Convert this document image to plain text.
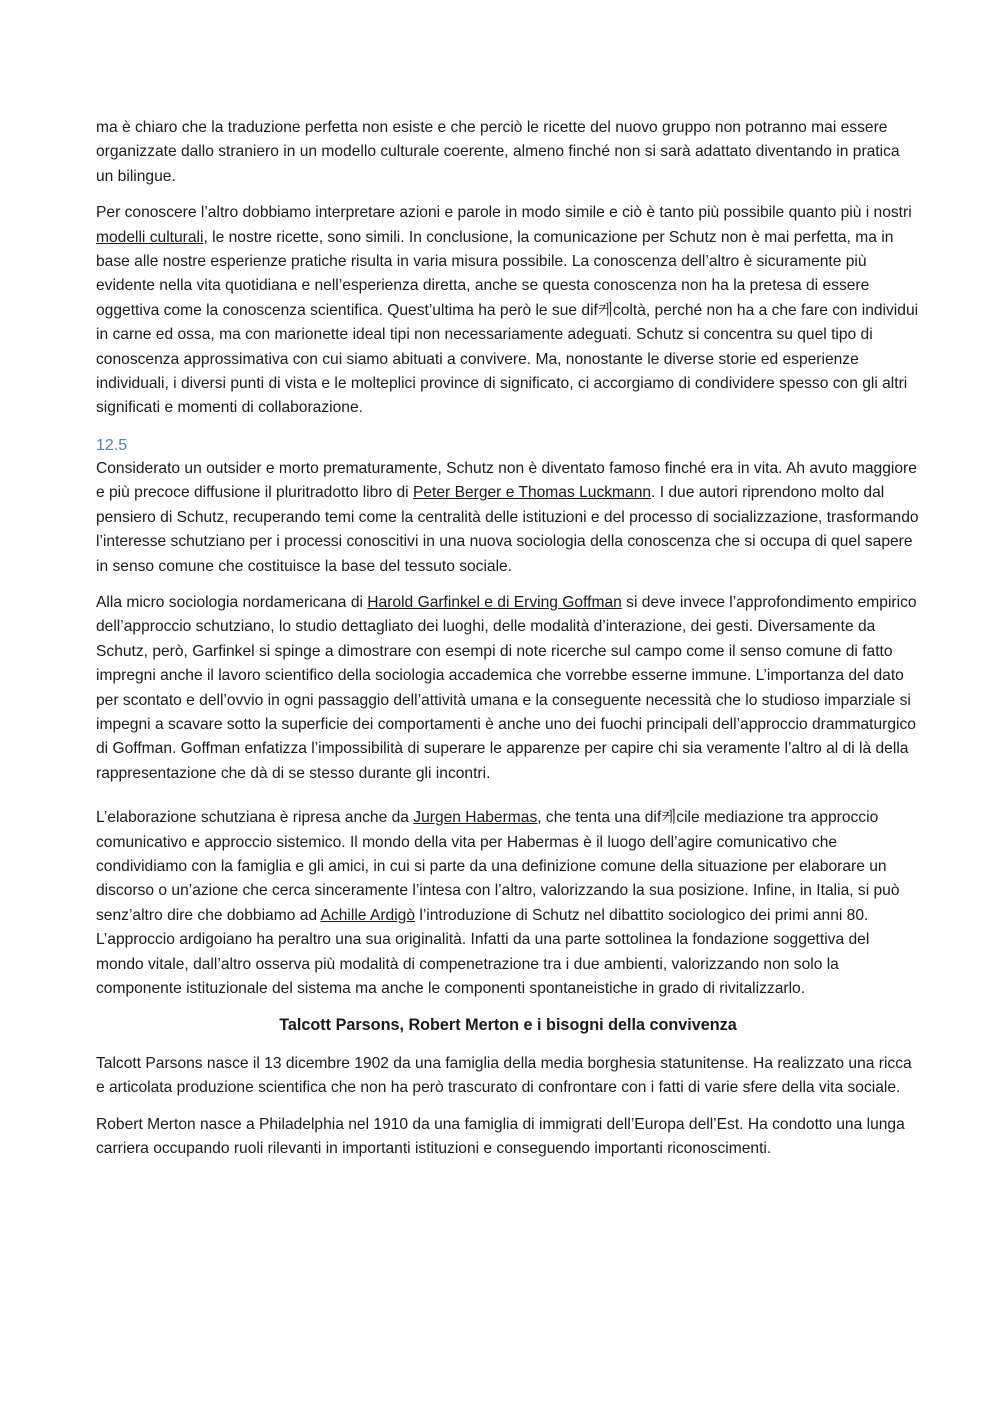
ma è chiaro che la traduzione perfetta non esiste e che perciò le ricette del nuovo gruppo non potranno mai essere organizzate dallo straniero in un modello culturale coerente, almeno finché non si sarà adattato diventando in pratica un bilingue.

Per conoscere l’altro dobbiamo interpretare azioni e parole in modo simile e ciò è tanto più possibile quanto più i nostri modelli culturali, le nostre ricette, sono simili. In conclusione, la comunicazione per Schutz non è mai perfetta, ma in base alle nostre esperienze pratiche risulta in varia misura possibile. La conoscenza dell’altro è sicuramente più evidente nella vita quotidiana e nell’esperienza diretta, anche se questa conoscenza non ha la pretesa di essere oggettiva come la conoscenza scientifica. Quest’ultima ha però le sue dif케coltà, perché non ha a che fare con individui in carne ed ossa, ma con marionette ideal tipi non necessariamente adeguati. Schutz si concentra su quel tipo di conoscenza approssimativa con cui siamo abituati a convivere. Ma, nonostante le diverse storie ed esperienze individuali, i diversi punti di vista e le molteplici province di significato, ci accorgiamo di condividere spesso con gli altri significati e momenti di collaborazione.

12.5

Considerato un outsider e morto prematuramente, Schutz non è diventato famoso finché era in vita. Ah avuto maggiore e più precoce diffusione il pluritradotto libro di Peter Berger e Thomas Luckmann. I due autori riprendono molto dal pensiero di Schutz, recuperando temi come la centralità delle istituzioni e del processo di socializzazione, trasformando l’interesse schutziano per i processi conoscitivi in una nuova sociologia della conoscenza che si occupa di quel sapere in senso comune che costituisce la base del tessuto sociale.

Alla micro sociologia nordamericana di Harold Garfinkel e di Erving Goffman si deve invece l’approfondimento empirico dell’approccio schutziano, lo studio dettagliato dei luoghi, delle modalità d’interazione, dei gesti. Diversamente da Schutz, però, Garfinkel si spinge a dimostrare con esempi di note ricerche sul campo come il senso comune di fatto impregni anche il lavoro scientifico della sociologia accademica che vorrebbe esserne immune. L’importanza del dato per scontato e dell’ovvio in ogni passaggio dell’attività umana e la conseguente necessità che lo studioso imparziale si impegni a scavare sotto la superficie dei comportamenti è anche uno dei fuochi principali dell’approccio drammaturgico di Goffman. Goffman enfatizza l’impossibilità di superare le apparenze per capire chi sia veramente l’altro al di là della rappresentazione che dà di se stesso durante gli incontri.

L’elaborazione schutziana è ripresa anche da Jurgen Habermas, che tenta una dif케cile mediazione tra approccio comunicativo e approccio sistemico. Il mondo della vita per Habermas è il luogo dell’agire comunicativo che condividiamo con la famiglia e gli amici, in cui si parte da una definizione comune della situazione per elaborare un discorso o un’azione che cerca sinceramente l’intesa con l’altro, valorizzando la sua posizione. Infine, in Italia, si può senz’altro dire che dobbiamo ad Achille Ardigò l’introduzione di Schutz nel dibattito sociologico dei primi anni 80. L’approccio ardigoiano ha peraltro una sua originalità. Infatti da una parte sottolinea la fondazione soggettiva del mondo vitale, dall’altro osserva più modalità di compenetrazione tra i due ambienti, valorizzando non solo la componente istituzionale del sistema ma anche le componenti spontaneistiche in grado di rivitalizzarlo.

Talcott Parsons, Robert Merton e i bisogni della convivenza

Talcott Parsons nasce il 13 dicembre 1902 da una famiglia della media borghesia statunitense. Ha realizzato una ricca e articolata produzione scientifica che non ha però trascurato di confrontare con i fatti di varie sfere della vita sociale.

Robert Merton nasce a Philadelphia nel 1910 da una famiglia di immigrati dell’Europa dell’Est. Ha condotto una lunga carriera occupando ruoli rilevanti in importanti istituzioni e conseguendo importanti riconoscimenti.
